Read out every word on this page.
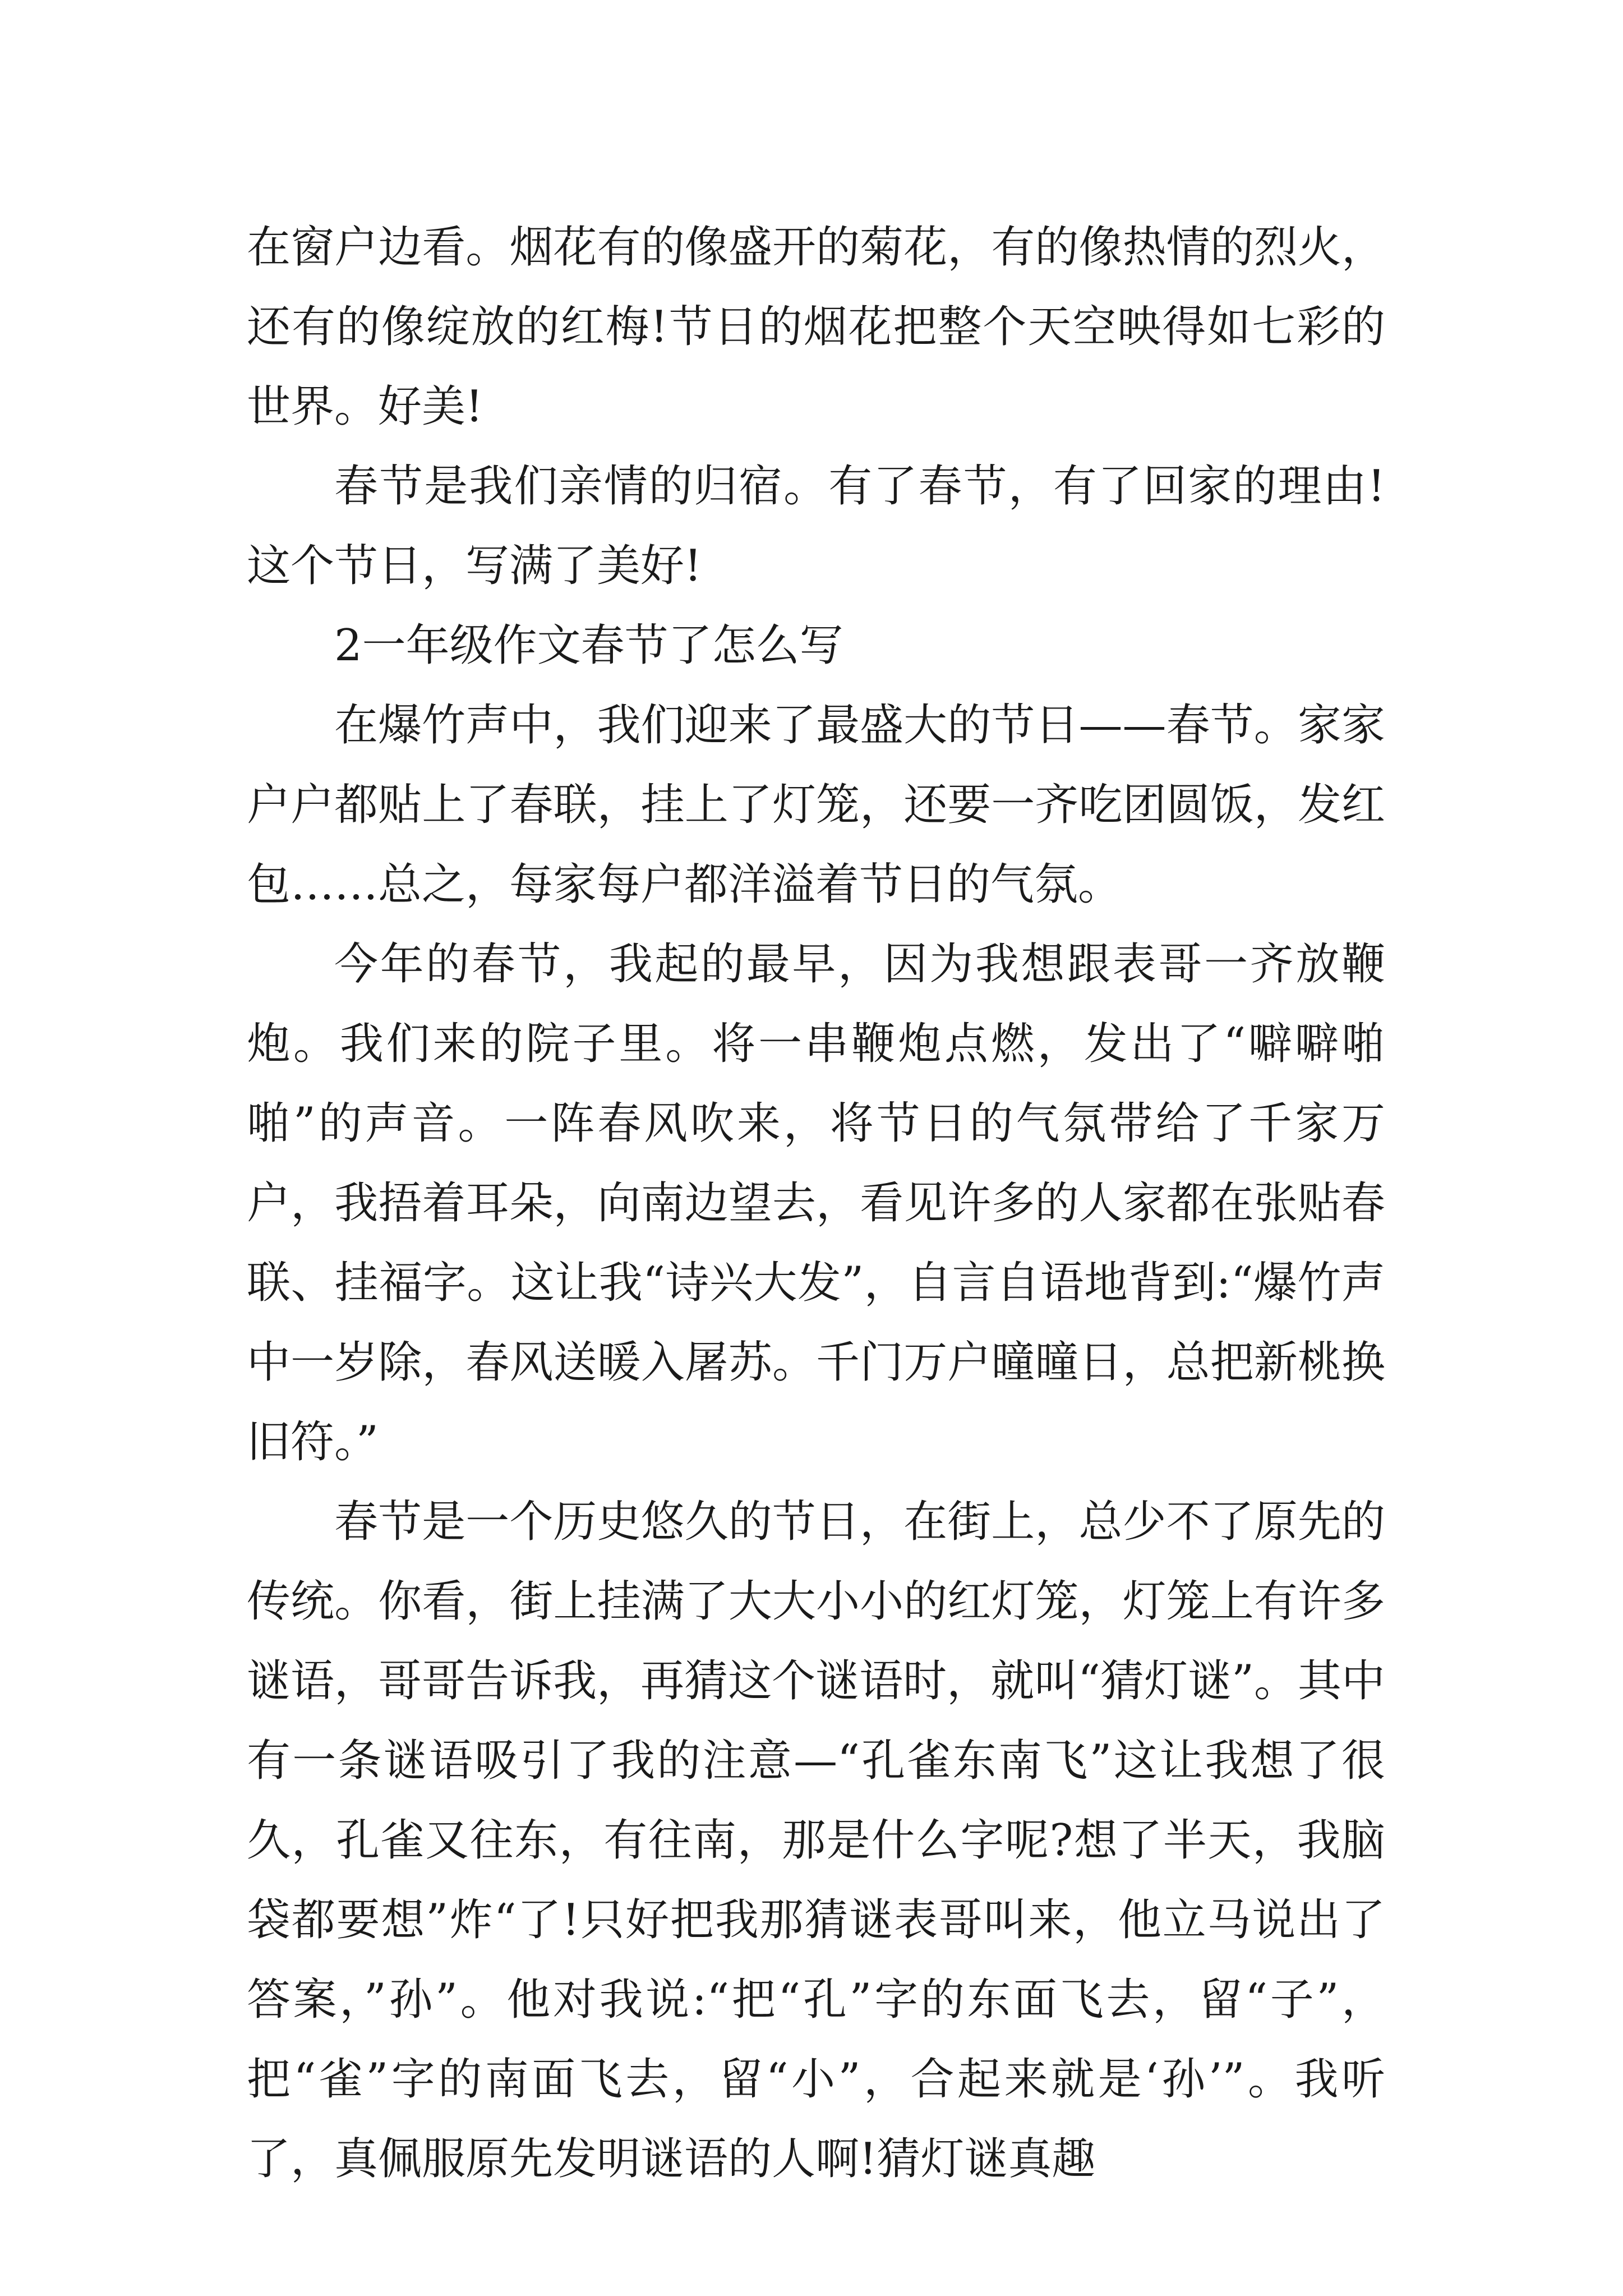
在窗户边看。烟花有的像盛开的菊花，有的像热情的烈火，还有的像绽放的红梅!节日的烟花把整个天空映得如七彩的世界。好美!

春节是我们亲情的归宿。有了春节，有了回家的理由!这个节日，写满了美好!

2一年级作文春节了怎么写

在爆竹声中，我们迎来了最盛大的节日——春节。家家户户都贴上了春联，挂上了灯笼，还要一齐吃团圆饭，发红包……总之，每家每户都洋溢着节日的气氛。

今年的春节，我起的最早，因为我想跟表哥一齐放鞭炮。我们来的院子里。将一串鞭炮点燃，发出了“噼噼啪啪”的声音。一阵春风吹来，将节日的气氛带给了千家万户，我捂着耳朵，向南边望去，看见许多的人家都在张贴春联、挂福字。这让我“诗兴大发”，自言自语地背到:“爆竹声中一岁除，春风送暖入屠苏。千门万户曈曈日，总把新桃换旧符。”

春节是一个历史悠久的节日，在街上，总少不了原先的传统。你看，街上挂满了大大小小的红灯笼，灯笼上有许多谜语，哥哥告诉我，再猜这个谜语时，就叫“猜灯谜”。其中有一条谜语吸引了我的注意—“孔雀东南飞”这让我想了很久，孔雀又往东，有往南，那是什么字呢?想了半天，我脑袋都要想”炸“了!只好把我那猜谜表哥叫来，他立马说出了答案，”孙”。他对我说:“把“孔”字的东面飞去，留“子”，把“雀”字的南面飞去，留“小”，合起来就是‘孙’”。我听了，真佩服原先发明谜语的人啊!猜灯谜真趣
